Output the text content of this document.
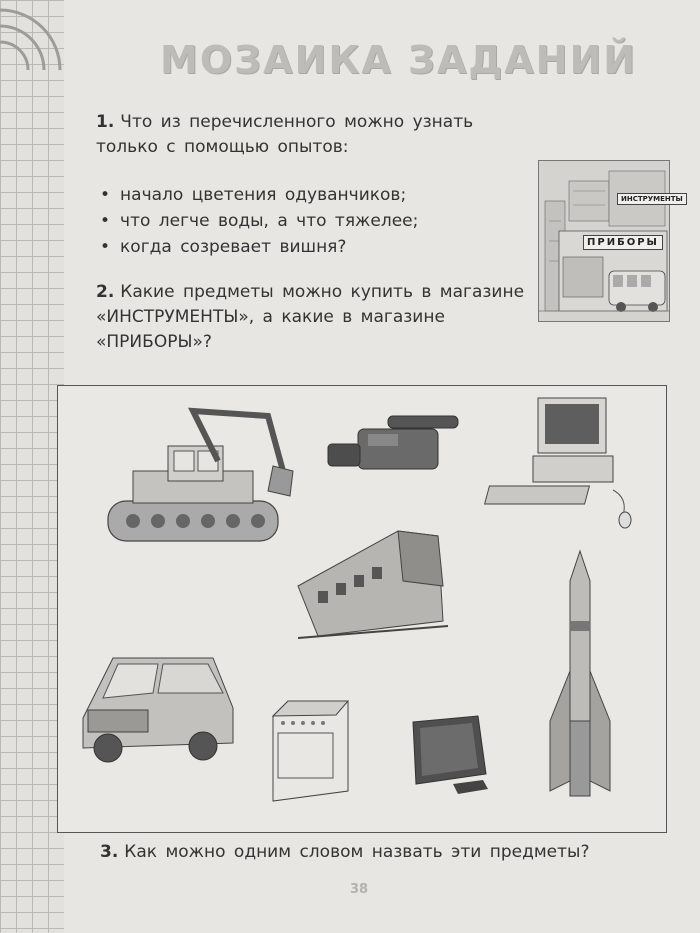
МОЗАИКА ЗАДАНИЙ
1. Что из перечисленного можно узнать только с помощью опытов:
• начало цветения одуванчиков;
• что легче воды, а что тяжелее;
• когда созревает вишня?
ИНСТРУМЕНТЫ
ПРИБОРЫ
2. Какие предметы можно купить в магазине «ИНСТРУМЕНТЫ», а какие в магазине «ПРИБОРЫ»?
3. Как можно одним словом назвать эти предметы?
38
